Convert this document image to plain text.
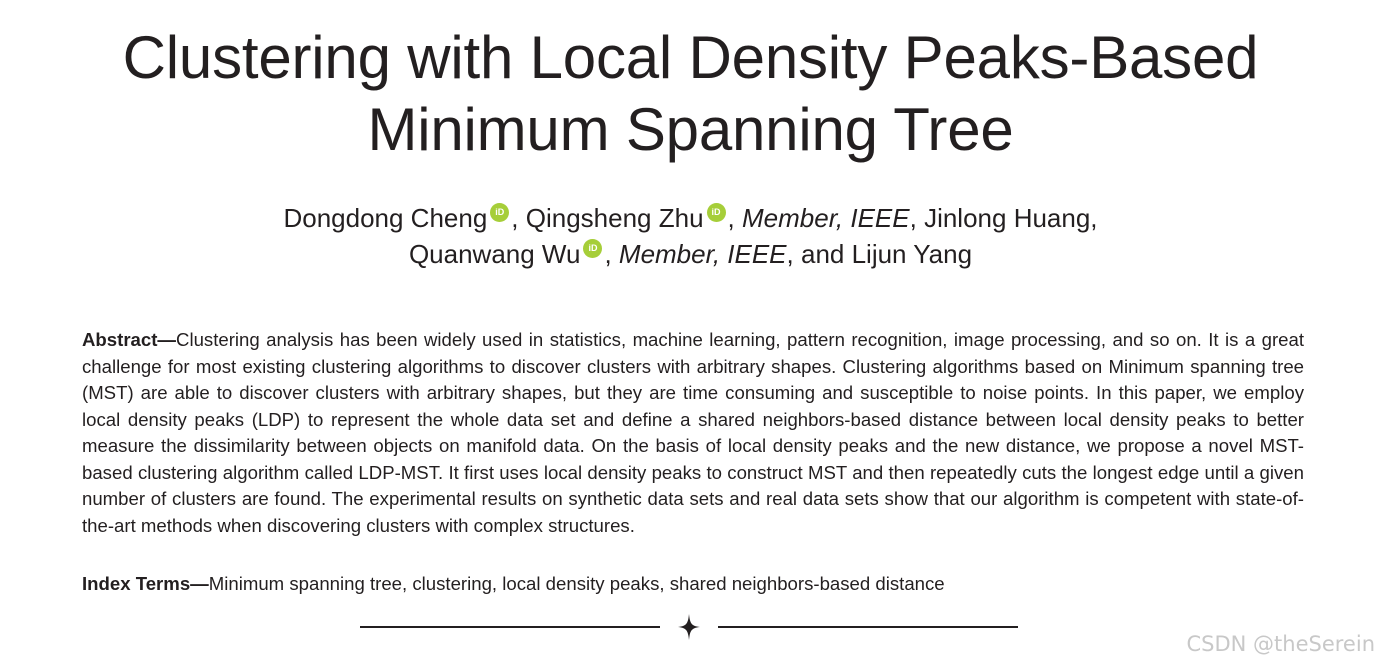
Clustering with Local Density Peaks-Based
Minimum Spanning Tree
Dongdong Cheng iD , Qingsheng Zhu iD , Member, IEEE, Jinlong Huang,
Quanwang Wu iD , Member, IEEE, and Lijun Yang

Abstract—Clustering analysis has been widely used in statistics, machine learning, pattern recognition, image processing, and so on. It is a great challenge for most existing clustering algorithms to discover clusters with arbitrary shapes. Clustering algorithms based on Minimum spanning tree (MST) are able to discover clusters with arbitrary shapes, but they are time consuming and susceptible to noise points. In this paper, we employ local density peaks (LDP) to represent the whole data set and define a shared neighbors-based distance between local density peaks to better measure the dissimilarity between objects on manifold data. On the basis of local density peaks and the new distance, we propose a novel MST-based clustering algorithm called LDP-MST. It first uses local density peaks to construct MST and then repeatedly cuts the longest edge until a given number of clusters are found. The experimental results on synthetic data sets and real data sets show that our algorithm is competent with state-of-the-art methods when discovering clusters with complex structures.

Index Terms—Minimum spanning tree, clustering, local density peaks, shared neighbors-based distance

CSDN @theSerein
